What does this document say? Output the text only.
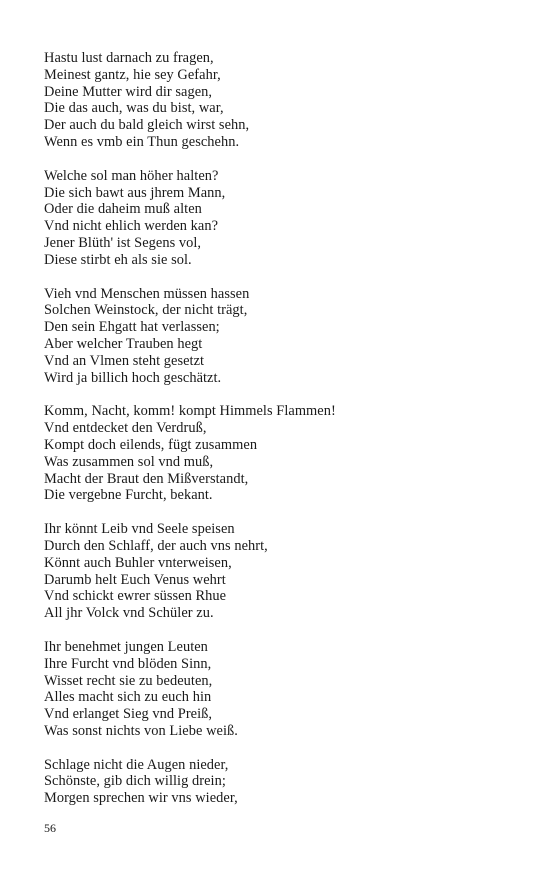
Hastu lust darnach zu fragen,
Meinest gantz, hie sey Gefahr,
Deine Mutter wird dir sagen,
Die das auch, was du bist, war,
Der auch du bald gleich wirst sehn,
Wenn es vmb ein Thun geschehn.
Welche sol man höher halten?
Die sich bawt aus jhrem Mann,
Oder die daheim muß alten
Vnd nicht ehlich werden kan?
Jener Blüth' ist Segens vol,
Diese stirbt eh als sie sol.
Vieh vnd Menschen müssen hassen
Solchen Weinstock, der nicht trägt,
Den sein Ehgatt hat verlassen;
Aber welcher Trauben hegt
Vnd an Vlmen steht gesetzt
Wird ja billich hoch geschätzt.
Komm, Nacht, komm! kompt Himmels Flammen!
Vnd entdecket den Verdruß,
Kompt doch eilends, fügt zusammen
Was zusammen sol vnd muß,
Macht der Braut den Mißverstandt,
Die vergebne Furcht, bekant.
Ihr könnt Leib vnd Seele speisen
Durch den Schlaff, der auch vns nehrt,
Könnt auch Buhler vnterweisen,
Darumb helt Euch Venus wehrt
Vnd schickt ewrer süssen Rhue
All jhr Volck vnd Schüler zu.
Ihr benehmet jungen Leuten
Ihre Furcht vnd blöden Sinn,
Wisset recht sie zu bedeuten,
Alles macht sich zu euch hin
Vnd erlanget Sieg vnd Preiß,
Was sonst nichts von Liebe weiß.
Schlage nicht die Augen nieder,
Schönste, gib dich willig drein;
Morgen sprechen wir vns wieder,
56
